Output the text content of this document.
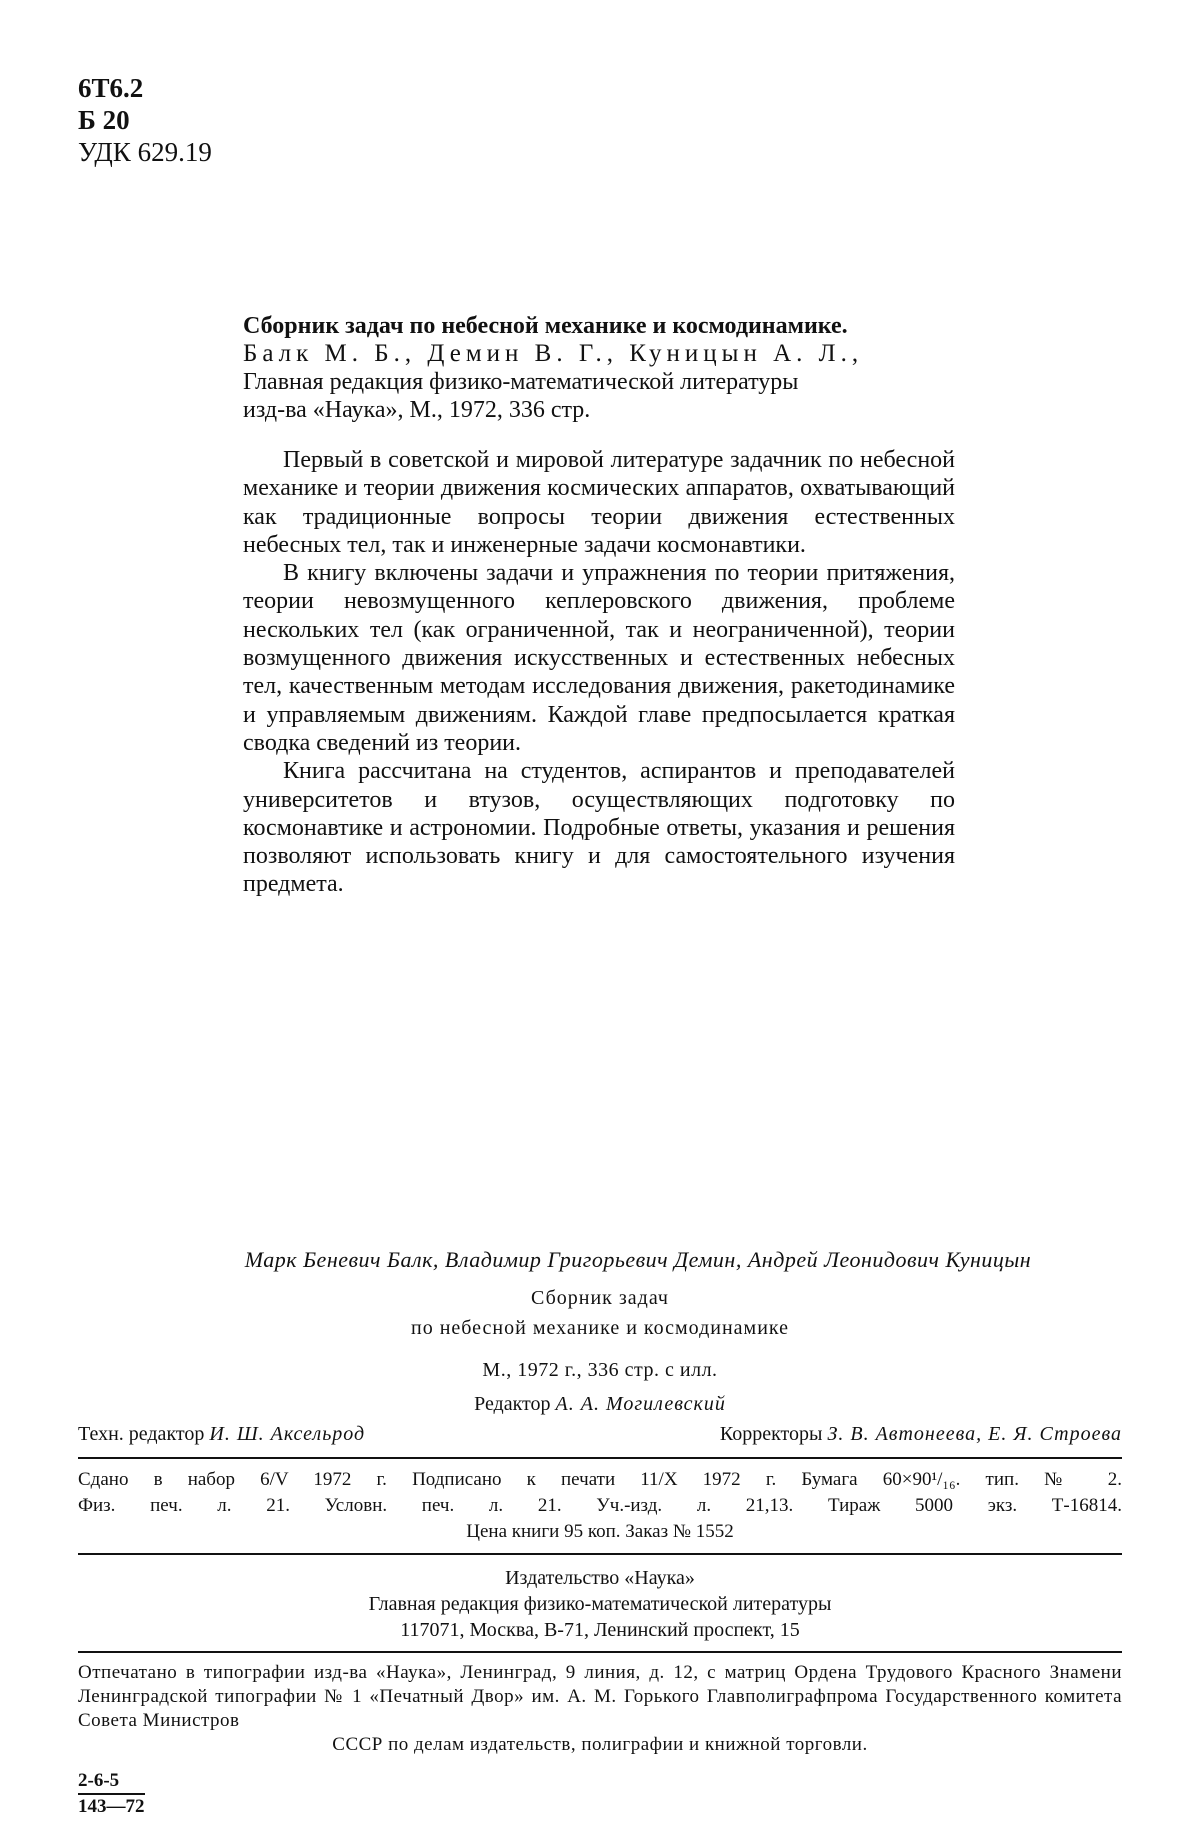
6Т6.2
Б 20
УДК 629.19
Сборник задач по небесной механике и космодинамике.
Балк М. Б., Демин В. Г., Куницын А. Л.,
Главная редакция физико-математической литературы
изд-ва «Наука», М., 1972, 336 стр.

Первый в советской и мировой литературе задачник по небесной механике и теории движения космических аппаратов, охватывающий как традиционные вопросы теории движения естественных небесных тел, так и инженерные задачи космонавтики.

В книгу включены задачи и упражнения по теории притяжения, теории невозмущенного кеплеровского движения, проблеме нескольких тел (как ограниченной, так и неограниченной), теории возмущенного движения искусственных и естественных небесных тел, качественным методам исследования движения, ракетодинамике и управляемым движениям. Каждой главе предпосылается краткая сводка сведений из теории.

Книга рассчитана на студентов, аспирантов и преподавателей университетов и втузов, осуществляющих подготовку по космонавтике и астрономии. Подробные ответы, указания и решения позволяют использовать книгу и для самостоятельного изучения предмета.

Марк Беневич Балк, Владимир Григорьевич Демин, Андрей Леонидович Куницын
Сборник задач
по небесной механике и космодинамике
М., 1972 г., 336 стр. с илл.
Редактор А. А. Могилевский
Техн. редактор И. Ш. Аксельрод	Корректоры З. В. Автонеева, Е. Я. Строева
Сдано в набор 6/V 1972 г. Подписано к печати 11/X 1972 г. Бумага 60×90¹/₁₆. тип. № 2.
Физ. печ. л. 21. Условн. печ. л. 21. Уч.-изд. л. 21,13. Тираж 5000 экз. Т-16814.
Цена книги 95 коп. Заказ № 1552
Издательство «Наука»
Главная редакция физико-математической литературы
117071, Москва, В-71, Ленинский проспект, 15
Отпечатано в типографии изд-ва «Наука», Ленинград, 9 линия, д. 12, с матриц Ордена Трудового Красного Знамени Ленинградской типографии № 1 «Печатный Двор» им. А. М. Горького Главполиграфпрома Государственного комитета Совета Министров
СССР по делам издательств, полиграфии и книжной торговли.
2-6-5
143—72
